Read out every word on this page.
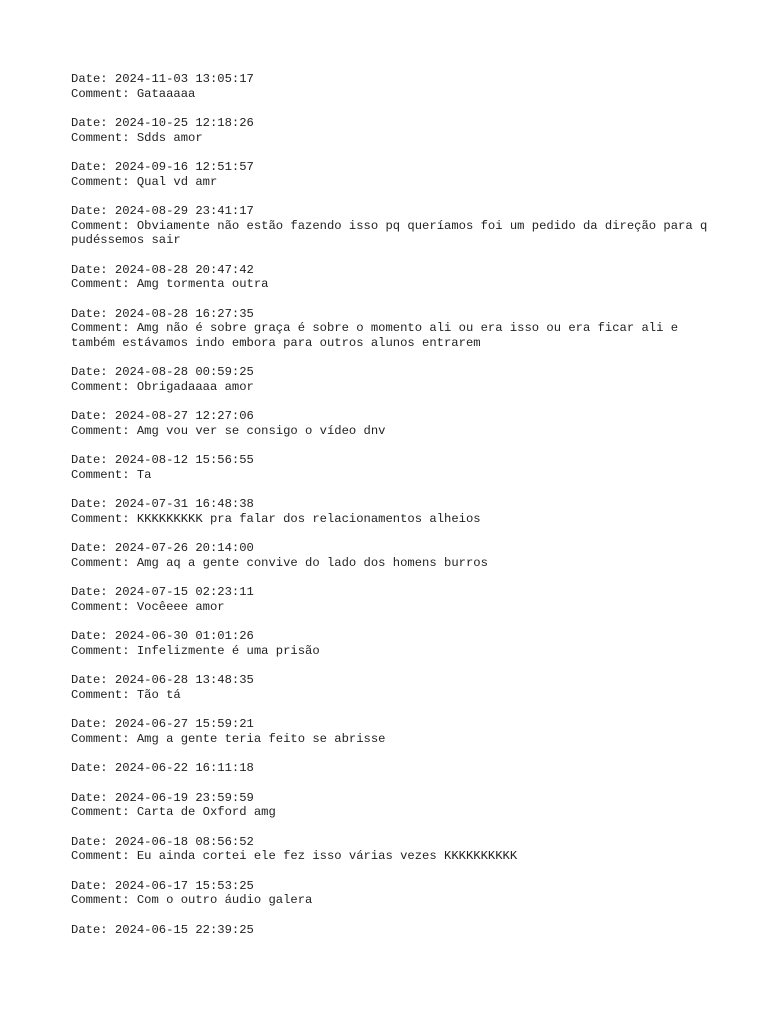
Date: 2024-11-03 13:05:17
Comment: Gataaaaa
Date: 2024-10-25 12:18:26
Comment: Sdds amor
Date: 2024-09-16 12:51:57
Comment: Qual vd amr
Date: 2024-08-29 23:41:17
Comment: Obviamente não estão fazendo isso pq queríamos foi um pedido da direção para q pudéssemos sair
Date: 2024-08-28 20:47:42
Comment: Amg tormenta outra
Date: 2024-08-28 16:27:35
Comment: Amg não é sobre graça é sobre o momento ali ou era isso ou era ficar ali e também estávamos indo embora para outros alunos entrarem
Date: 2024-08-28 00:59:25
Comment: Obrigadaaaa amor
Date: 2024-08-27 12:27:06
Comment: Amg vou ver se consigo o vídeo dnv
Date: 2024-08-12 15:56:55
Comment: Ta
Date: 2024-07-31 16:48:38
Comment: KKKKKKKKK pra falar dos relacionamentos alheios
Date: 2024-07-26 20:14:00
Comment: Amg aq a gente convive do lado dos homens burros
Date: 2024-07-15 02:23:11
Comment: Vocêeee amor
Date: 2024-06-30 01:01:26
Comment: Infelizmente é uma prisão
Date: 2024-06-28 13:48:35
Comment: Tão tá
Date: 2024-06-27 15:59:21
Comment: Amg a gente teria feito se abrisse
Date: 2024-06-22 16:11:18
Date: 2024-06-19 23:59:59
Comment: Carta de Oxford amg
Date: 2024-06-18 08:56:52
Comment: Eu ainda cortei ele fez isso várias vezes KKKKKKKKKK
Date: 2024-06-17 15:53:25
Comment: Com o outro áudio galera
Date: 2024-06-15 22:39:25
